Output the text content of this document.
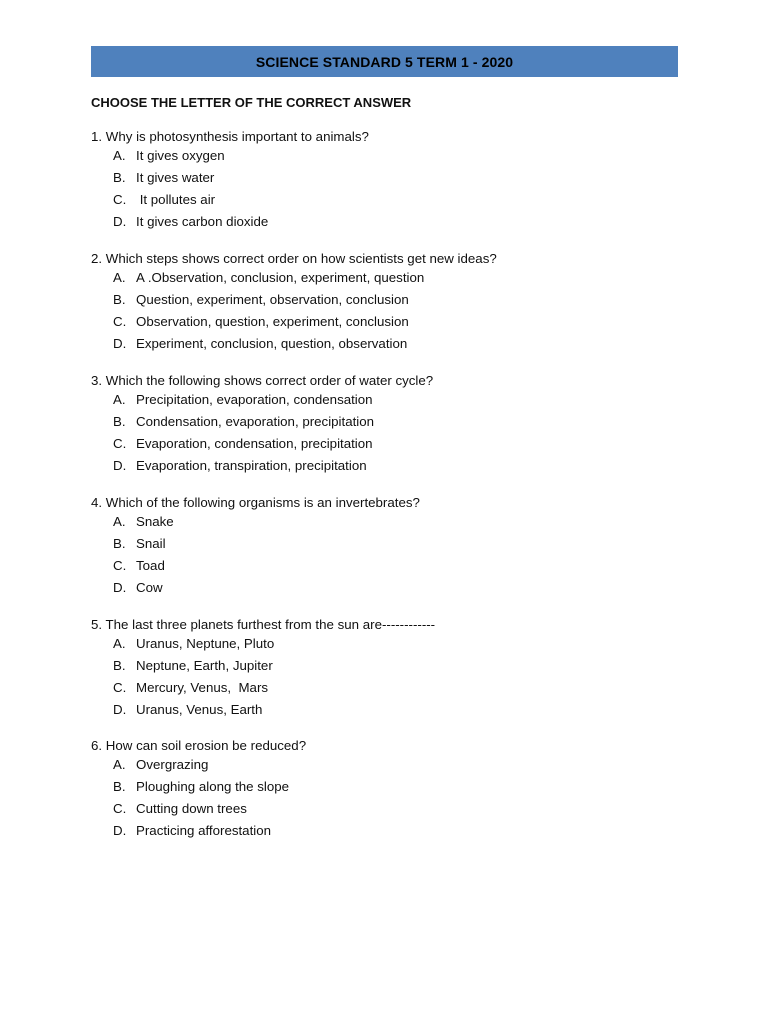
SCIENCE STANDARD 5 TERM 1 - 2020
CHOOSE THE LETTER OF THE CORRECT ANSWER
1. Why is photosynthesis important to animals?
A. It gives oxygen
B. It gives water
C. It pollutes air
D. It gives carbon dioxide
2. Which steps shows correct order on how scientists get new ideas?
A. A .Observation, conclusion, experiment, question
B. Question, experiment, observation, conclusion
C. Observation, question, experiment, conclusion
D. Experiment, conclusion, question, observation
3. Which the following shows correct order of water cycle?
A. Precipitation, evaporation, condensation
B. Condensation, evaporation, precipitation
C. Evaporation, condensation, precipitation
D. Evaporation, transpiration, precipitation
4. Which of the following organisms is an invertebrates?
A. Snake
B. Snail
C. Toad
D. Cow
5. The last three planets furthest from the sun are------------
A. Uranus, Neptune, Pluto
B. Neptune, Earth, Jupiter
C. Mercury, Venus,  Mars
D. Uranus, Venus, Earth
6. How can soil erosion be reduced?
A. Overgrazing
B. Ploughing along the slope
C. Cutting down trees
D. Practicing afforestation
